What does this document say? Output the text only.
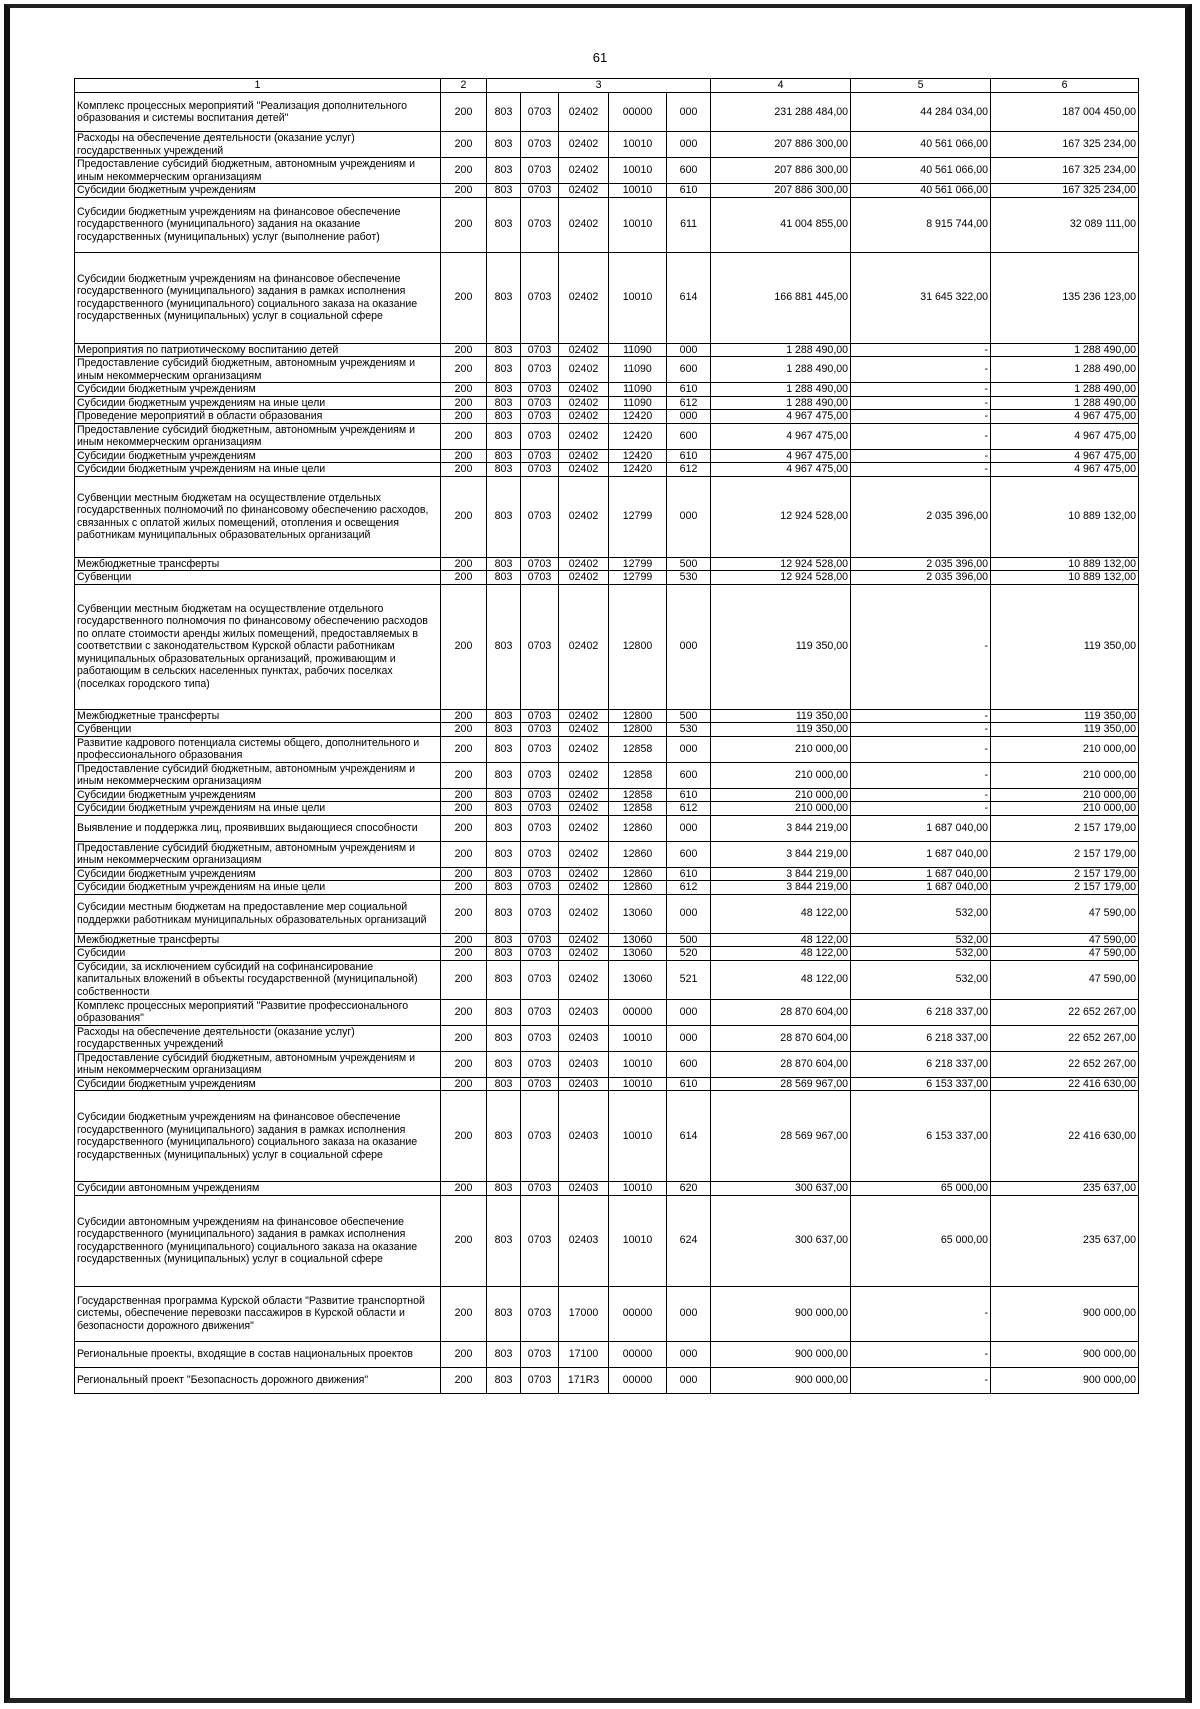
61
1	2	3					4	5	6
Комплекс процессных мероприятий "Реализация дополнительного образования и системы воспитания детей"	200	803	0703	02402	00000	000	231 288 484,00	44 284 034,00	187 004 450,00
Расходы на обеспечение деятельности (оказание услуг) государственных учреждений	200	803	0703	02402	10010	000	207 886 300,00	40 561 066,00	167 325 234,00
Предоставление субсидий бюджетным, автономным учреждениям и иным некоммерческим организациям	200	803	0703	02402	10010	600	207 886 300,00	40 561 066,00	167 325 234,00
Субсидии бюджетным учреждениям	200	803	0703	02402	10010	610	207 886 300,00	40 561 066,00	167 325 234,00
Субсидии бюджетным учреждениям на финансовое обеспечение государственного (муниципального) задания на оказание государственных (муниципальных) услуг (выполнение работ)	200	803	0703	02402	10010	611	41 004 855,00	8 915 744,00	32 089 111,00
Субсидии бюджетным учреждениям на финансовое обеспечение государственного (муниципального) задания в рамках исполнения государственного (муниципального) социального заказа на оказание государственных (муниципальных) услуг в социальной сфере	200	803	0703	02402	10010	614	166 881 445,00	31 645 322,00	135 236 123,00
Мероприятия по патриотическому воспитанию детей	200	803	0703	02402	11090	000	1 288 490,00	-	1 288 490,00
Предоставление субсидий бюджетным, автономным учреждениям и иным некоммерческим организациям	200	803	0703	02402	11090	600	1 288 490,00	-	1 288 490,00
Субсидии бюджетным учреждениям	200	803	0703	02402	11090	610	1 288 490,00	-	1 288 490,00
Субсидии бюджетным учреждениям на иные цели	200	803	0703	02402	11090	612	1 288 490,00	-	1 288 490,00
Проведение мероприятий в области образования	200	803	0703	02402	12420	000	4 967 475,00	-	4 967 475,00
Предоставление субсидий бюджетным, автономным учреждениям и иным некоммерческим организациям	200	803	0703	02402	12420	600	4 967 475,00	-	4 967 475,00
Субсидии бюджетным учреждениям	200	803	0703	02402	12420	610	4 967 475,00	-	4 967 475,00
Субсидии бюджетным учреждениям на иные цели	200	803	0703	02402	12420	612	4 967 475,00	-	4 967 475,00
Субвенции местным бюджетам на осуществление отдельных государственных полномочий по финансовому обеспечению расходов, связанных с оплатой жилых помещений, отопления и освещения работникам муниципальных образовательных организаций	200	803	0703	02402	12799	000	12 924 528,00	2 035 396,00	10 889 132,00
Межбюджетные трансферты	200	803	0703	02402	12799	500	12 924 528,00	2 035 396,00	10 889 132,00
Субвенции	200	803	0703	02402	12799	530	12 924 528,00	2 035 396,00	10 889 132,00
Субвенции местным бюджетам на осуществление отдельного государственного полномочия по финансовому обеспечению расходов по оплате стоимости аренды жилых помещений, предоставляемых в соответствии с законодательством Курской области работникам муниципальных образовательных организаций, проживающим и работающим в сельских населенных пунктах, рабочих поселках (поселках городского типа)	200	803	0703	02402	12800	000	119 350,00	-	119 350,00
Межбюджетные трансферты	200	803	0703	02402	12800	500	119 350,00	-	119 350,00
Субвенции	200	803	0703	02402	12800	530	119 350,00	-	119 350,00
Развитие кадрового потенциала системы общего, дополнительного и профессионального образования	200	803	0703	02402	12858	000	210 000,00	-	210 000,00
Предоставление субсидий бюджетным, автономным учреждениям и иным некоммерческим организациям	200	803	0703	02402	12858	600	210 000,00	-	210 000,00
Субсидии бюджетным учреждениям	200	803	0703	02402	12858	610	210 000,00	-	210 000,00
Субсидии бюджетным учреждениям на иные цели	200	803	0703	02402	12858	612	210 000,00	-	210 000,00
Выявление и поддержка лиц, проявивших выдающиеся способности	200	803	0703	02402	12860	000	3 844 219,00	1 687 040,00	2 157 179,00
Предоставление субсидий бюджетным, автономным учреждениям и иным некоммерческим организациям	200	803	0703	02402	12860	600	3 844 219,00	1 687 040,00	2 157 179,00
Субсидии бюджетным учреждениям	200	803	0703	02402	12860	610	3 844 219,00	1 687 040,00	2 157 179,00
Субсидии бюджетным учреждениям на иные цели	200	803	0703	02402	12860	612	3 844 219,00	1 687 040,00	2 157 179,00
Субсидии местным бюджетам на предоставление мер социальной поддержки работникам муниципальных образовательных организаций	200	803	0703	02402	13060	000	48 122,00	532,00	47 590,00
Межбюджетные трансферты	200	803	0703	02402	13060	500	48 122,00	532,00	47 590,00
Субсидии	200	803	0703	02402	13060	520	48 122,00	532,00	47 590,00
Субсидии, за исключением субсидий на софинансирование капитальных вложений в объекты государственной (муниципальной) собственности	200	803	0703	02402	13060	521	48 122,00	532,00	47 590,00
Комплекс процессных мероприятий "Развитие профессионального образования"	200	803	0703	02403	00000	000	28 870 604,00	6 218 337,00	22 652 267,00
Расходы на обеспечение деятельности (оказание услуг) государственных учреждений	200	803	0703	02403	10010	000	28 870 604,00	6 218 337,00	22 652 267,00
Предоставление субсидий бюджетным, автономным учреждениям и иным некоммерческим организациям	200	803	0703	02403	10010	600	28 870 604,00	6 218 337,00	22 652 267,00
Субсидии бюджетным учреждениям	200	803	0703	02403	10010	610	28 569 967,00	6 153 337,00	22 416 630,00
Субсидии бюджетным учреждениям на финансовое обеспечение государственного (муниципального) задания в рамках исполнения государственного (муниципального) социального заказа на оказание государственных (муниципальных) услуг в социальной сфере	200	803	0703	02403	10010	614	28 569 967,00	6 153 337,00	22 416 630,00
Субсидии автономным учреждениям	200	803	0703	02403	10010	620	300 637,00	65 000,00	235 637,00
Субсидии автономным учреждениям на финансовое обеспечение государственного (муниципального) задания в рамках исполнения государственного (муниципального) социального заказа на оказание государственных (муниципальных) услуг в социальной сфере	200	803	0703	02403	10010	624	300 637,00	65 000,00	235 637,00
Государственная программа Курской области "Развитие транспортной системы, обеспечение перевозки пассажиров в Курской области и безопасности дорожного движения"	200	803	0703	17000	00000	000	900 000,00	-	900 000,00
Региональные проекты, входящие в состав национальных проектов	200	803	0703	17100	00000	000	900 000,00	-	900 000,00
Региональный проект "Безопасность дорожного движения"	200	803	0703	171R3	00000	000	900 000,00	-	900 000,00
